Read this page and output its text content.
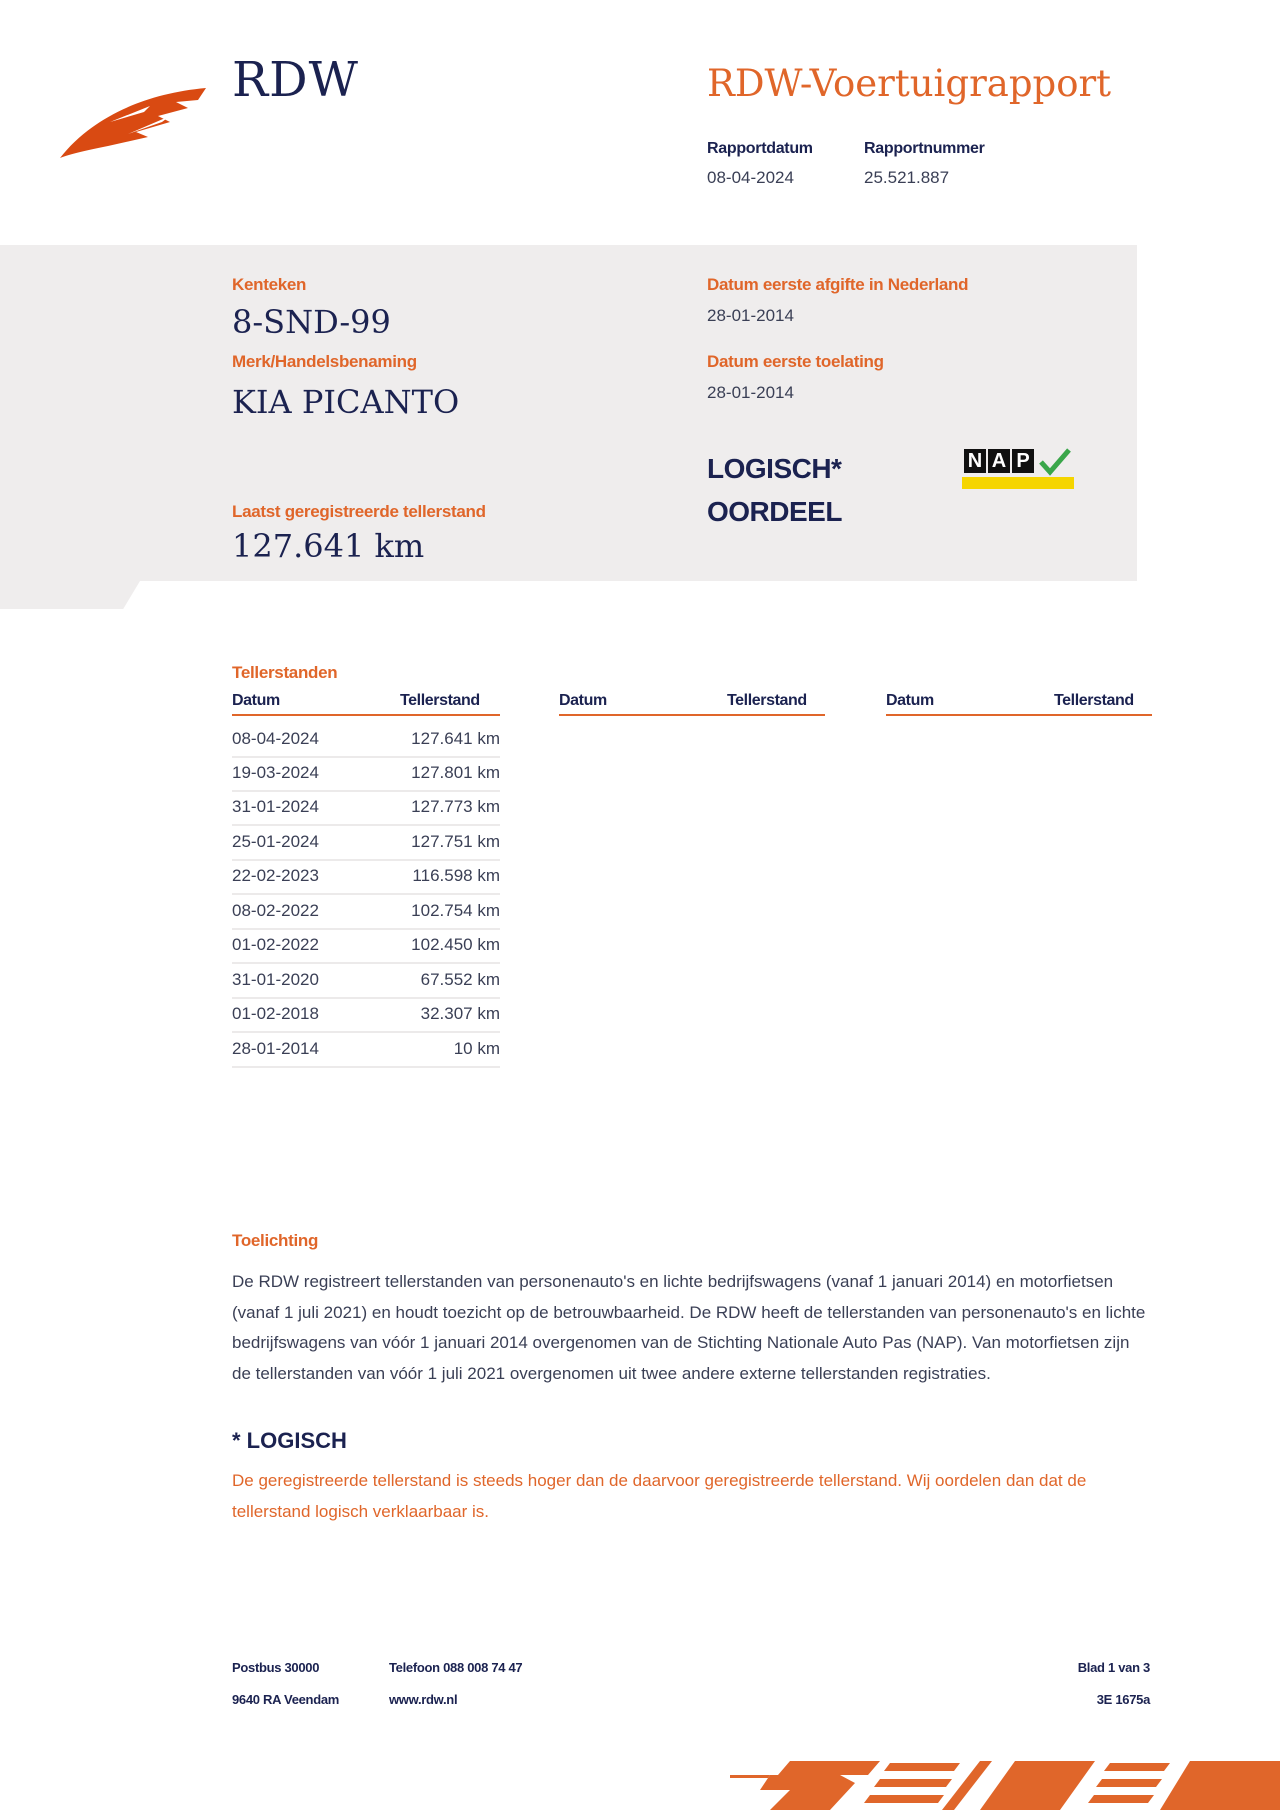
RDW	RDW-Voertuigrapport
Rapportdatum
08-04-2024
Rapportnummer
25.521.887
Kenteken
8-SND-99
Merk/Handelsbenaming
KIA PICANTO
Laatst geregistreerde tellerstand
127.641 km
Datum eerste afgifte in Nederland
28-01-2014
Datum eerste toelating
28-01-2014
LOGISCH*
OORDEEL
N A P
Tellerstanden
Datum	Tellerstand	Datum	Tellerstand	Datum	Tellerstand
08-04-2024	127.641 km
19-03-2024	127.801 km
31-01-2024	127.773 km
25-01-2024	127.751 km
22-02-2023	116.598 km
08-02-2022	102.754 km
01-02-2022	102.450 km
31-01-2020	67.552 km
01-02-2018	32.307 km
28-01-2014	10 km
Toelichting
De RDW registreert tellerstanden van personenauto's en lichte bedrijfswagens (vanaf 1 januari 2014) en motorfietsen (vanaf 1 juli 2021) en houdt toezicht op de betrouwbaarheid. De RDW heeft de tellerstanden van personenauto's en lichte bedrijfswagens van vóór 1 januari 2014 overgenomen van de Stichting Nationale Auto Pas (NAP). Van motorfietsen zijn de tellerstanden van vóór 1 juli 2021 overgenomen uit twee andere externe tellerstanden registraties.
* LOGISCH
De geregistreerde tellerstand is steeds hoger dan de daarvoor geregistreerde tellerstand. Wij oordelen dan dat de tellerstand logisch verklaarbaar is.
Postbus 30000
9640 RA Veendam
Telefoon 088 008 74 47
www.rdw.nl
Blad 1 van 3
3E 1675a
